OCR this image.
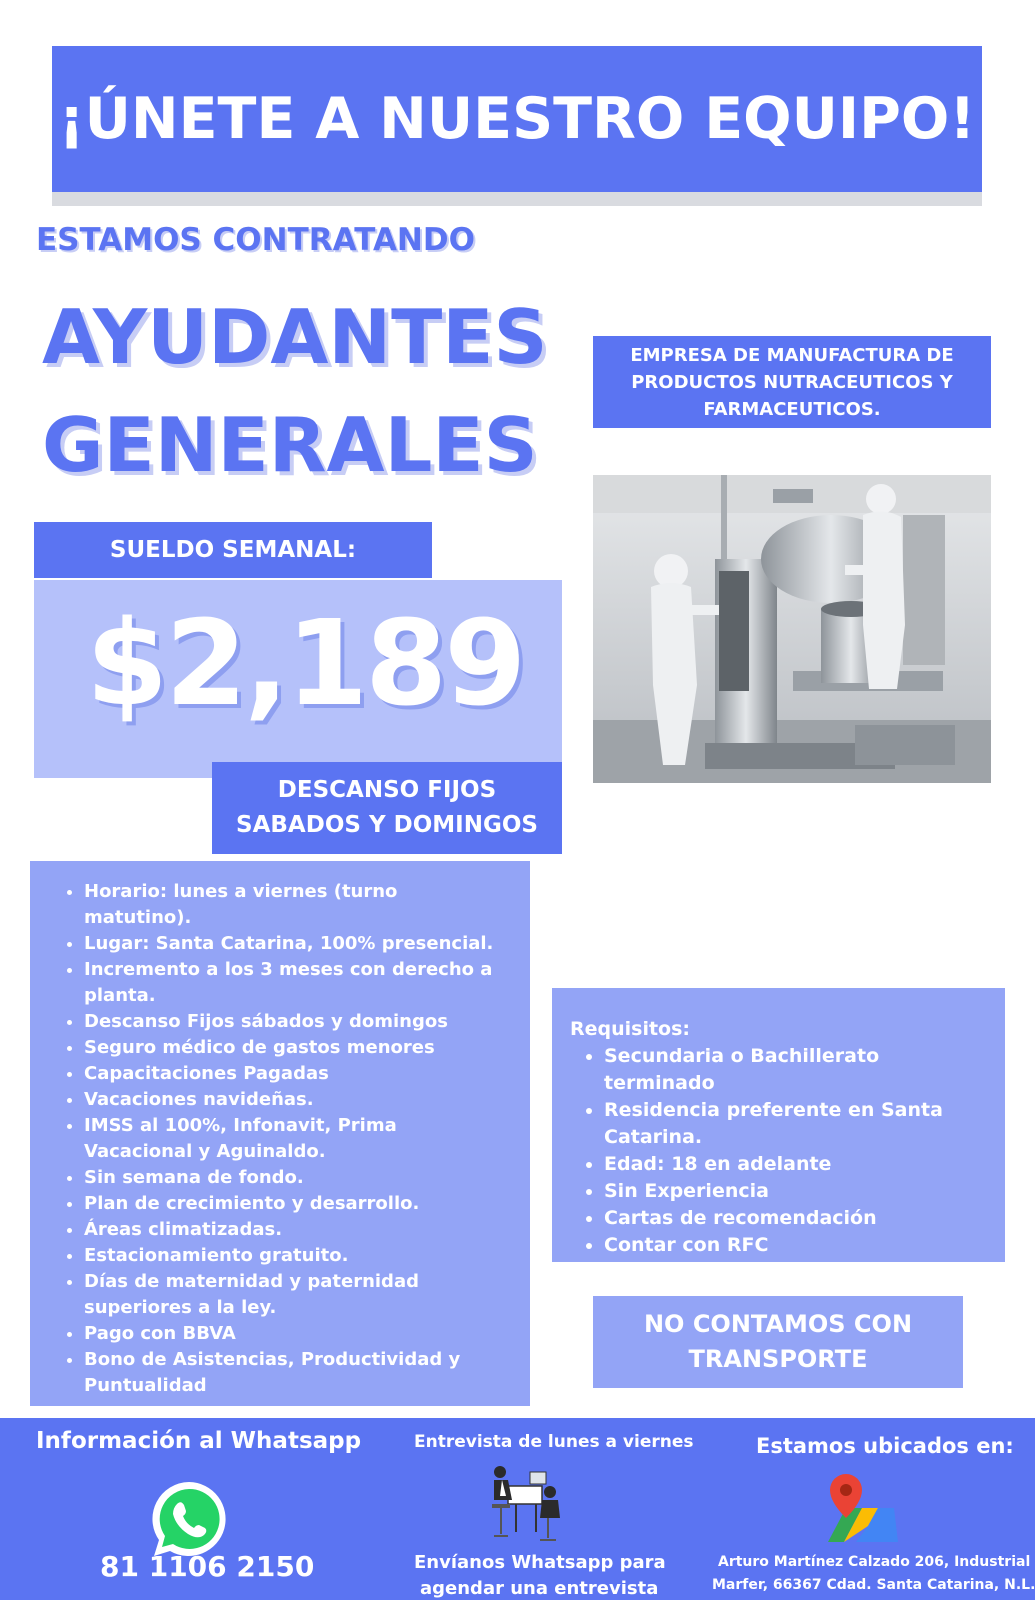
¡ÚNETE A NUESTRO EQUIPO!
ESTAMOS CONTRATANDO
AYUDANTES
GENERALES
EMPRESA DE MANUFACTURA DE
PRODUCTOS NUTRACEUTICOS Y
FARMACEUTICOS.
SUELDO SEMANAL:
$2,189
DESCANSO FIJOS
SABADOS Y DOMINGOS
• Horario: lunes a viernes (turno matutino).
• Lugar: Santa Catarina, 100% presencial.
• Incremento a los 3 meses con derecho a planta.
• Descanso Fijos sábados y domingos
• Seguro médico de gastos menores
• Capacitaciones Pagadas
• Vacaciones navideñas.
• IMSS al 100%, Infonavit, Prima Vacacional y Aguinaldo.
• Sin semana de fondo.
• Plan de crecimiento y desarrollo.
• Áreas climatizadas.
• Estacionamiento gratuito.
• Días de maternidad y paternidad superiores a la ley.
• Pago con BBVA
• Bono de Asistencias, Productividad y Puntualidad
Requisitos:
• Secundaria o Bachillerato terminado
• Residencia preferente en Santa Catarina.
• Edad: 18 en adelante
• Sin Experiencia
• Cartas de recomendación
• Contar con RFC
NO CONTAMOS CON
TRANSPORTE
Información al Whatsapp
81 1106 2150
Entrevista de lunes a viernes
Envíanos Whatsapp para
agendar una entrevista
Estamos ubicados en:
Arturo Martínez Calzado 206, Industrial
Marfer, 66367 Cdad. Santa Catarina, N.L.
